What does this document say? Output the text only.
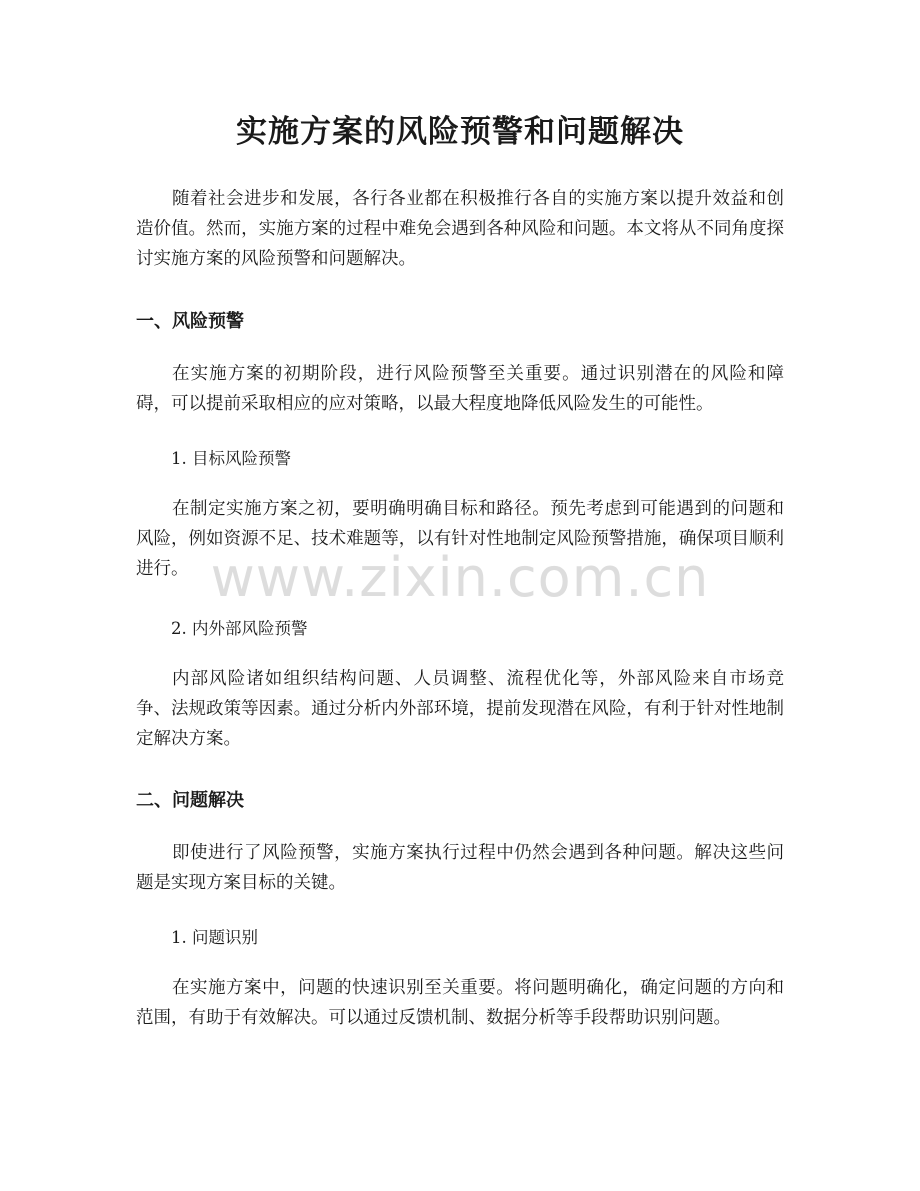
实施方案的风险预警和问题解决
随着社会进步和发展，各行各业都在积极推行各自的实施方案以提升效益和创造价值。然而，实施方案的过程中难免会遇到各种风险和问题。本文将从不同角度探讨实施方案的风险预警和问题解决。
一、风险预警
在实施方案的初期阶段，进行风险预警至关重要。通过识别潜在的风险和障碍，可以提前采取相应的应对策略，以最大程度地降低风险发生的可能性。
1. 目标风险预警
在制定实施方案之初，要明确明确目标和路径。预先考虑到可能遇到的问题和风险，例如资源不足、技术难题等，以有针对性地制定风险预警措施，确保项目顺利进行。
2. 内外部风险预警
内部风险诸如组织结构问题、人员调整、流程优化等，外部风险来自市场竞争、法规政策等因素。通过分析内外部环境，提前发现潜在风险，有利于针对性地制定解决方案。
二、问题解决
即使进行了风险预警，实施方案执行过程中仍然会遇到各种问题。解决这些问题是实现方案目标的关键。
1. 问题识别
在实施方案中，问题的快速识别至关重要。将问题明确化，确定问题的方向和范围，有助于有效解决。可以通过反馈机制、数据分析等手段帮助识别问题。
www.zixin.com.cn
